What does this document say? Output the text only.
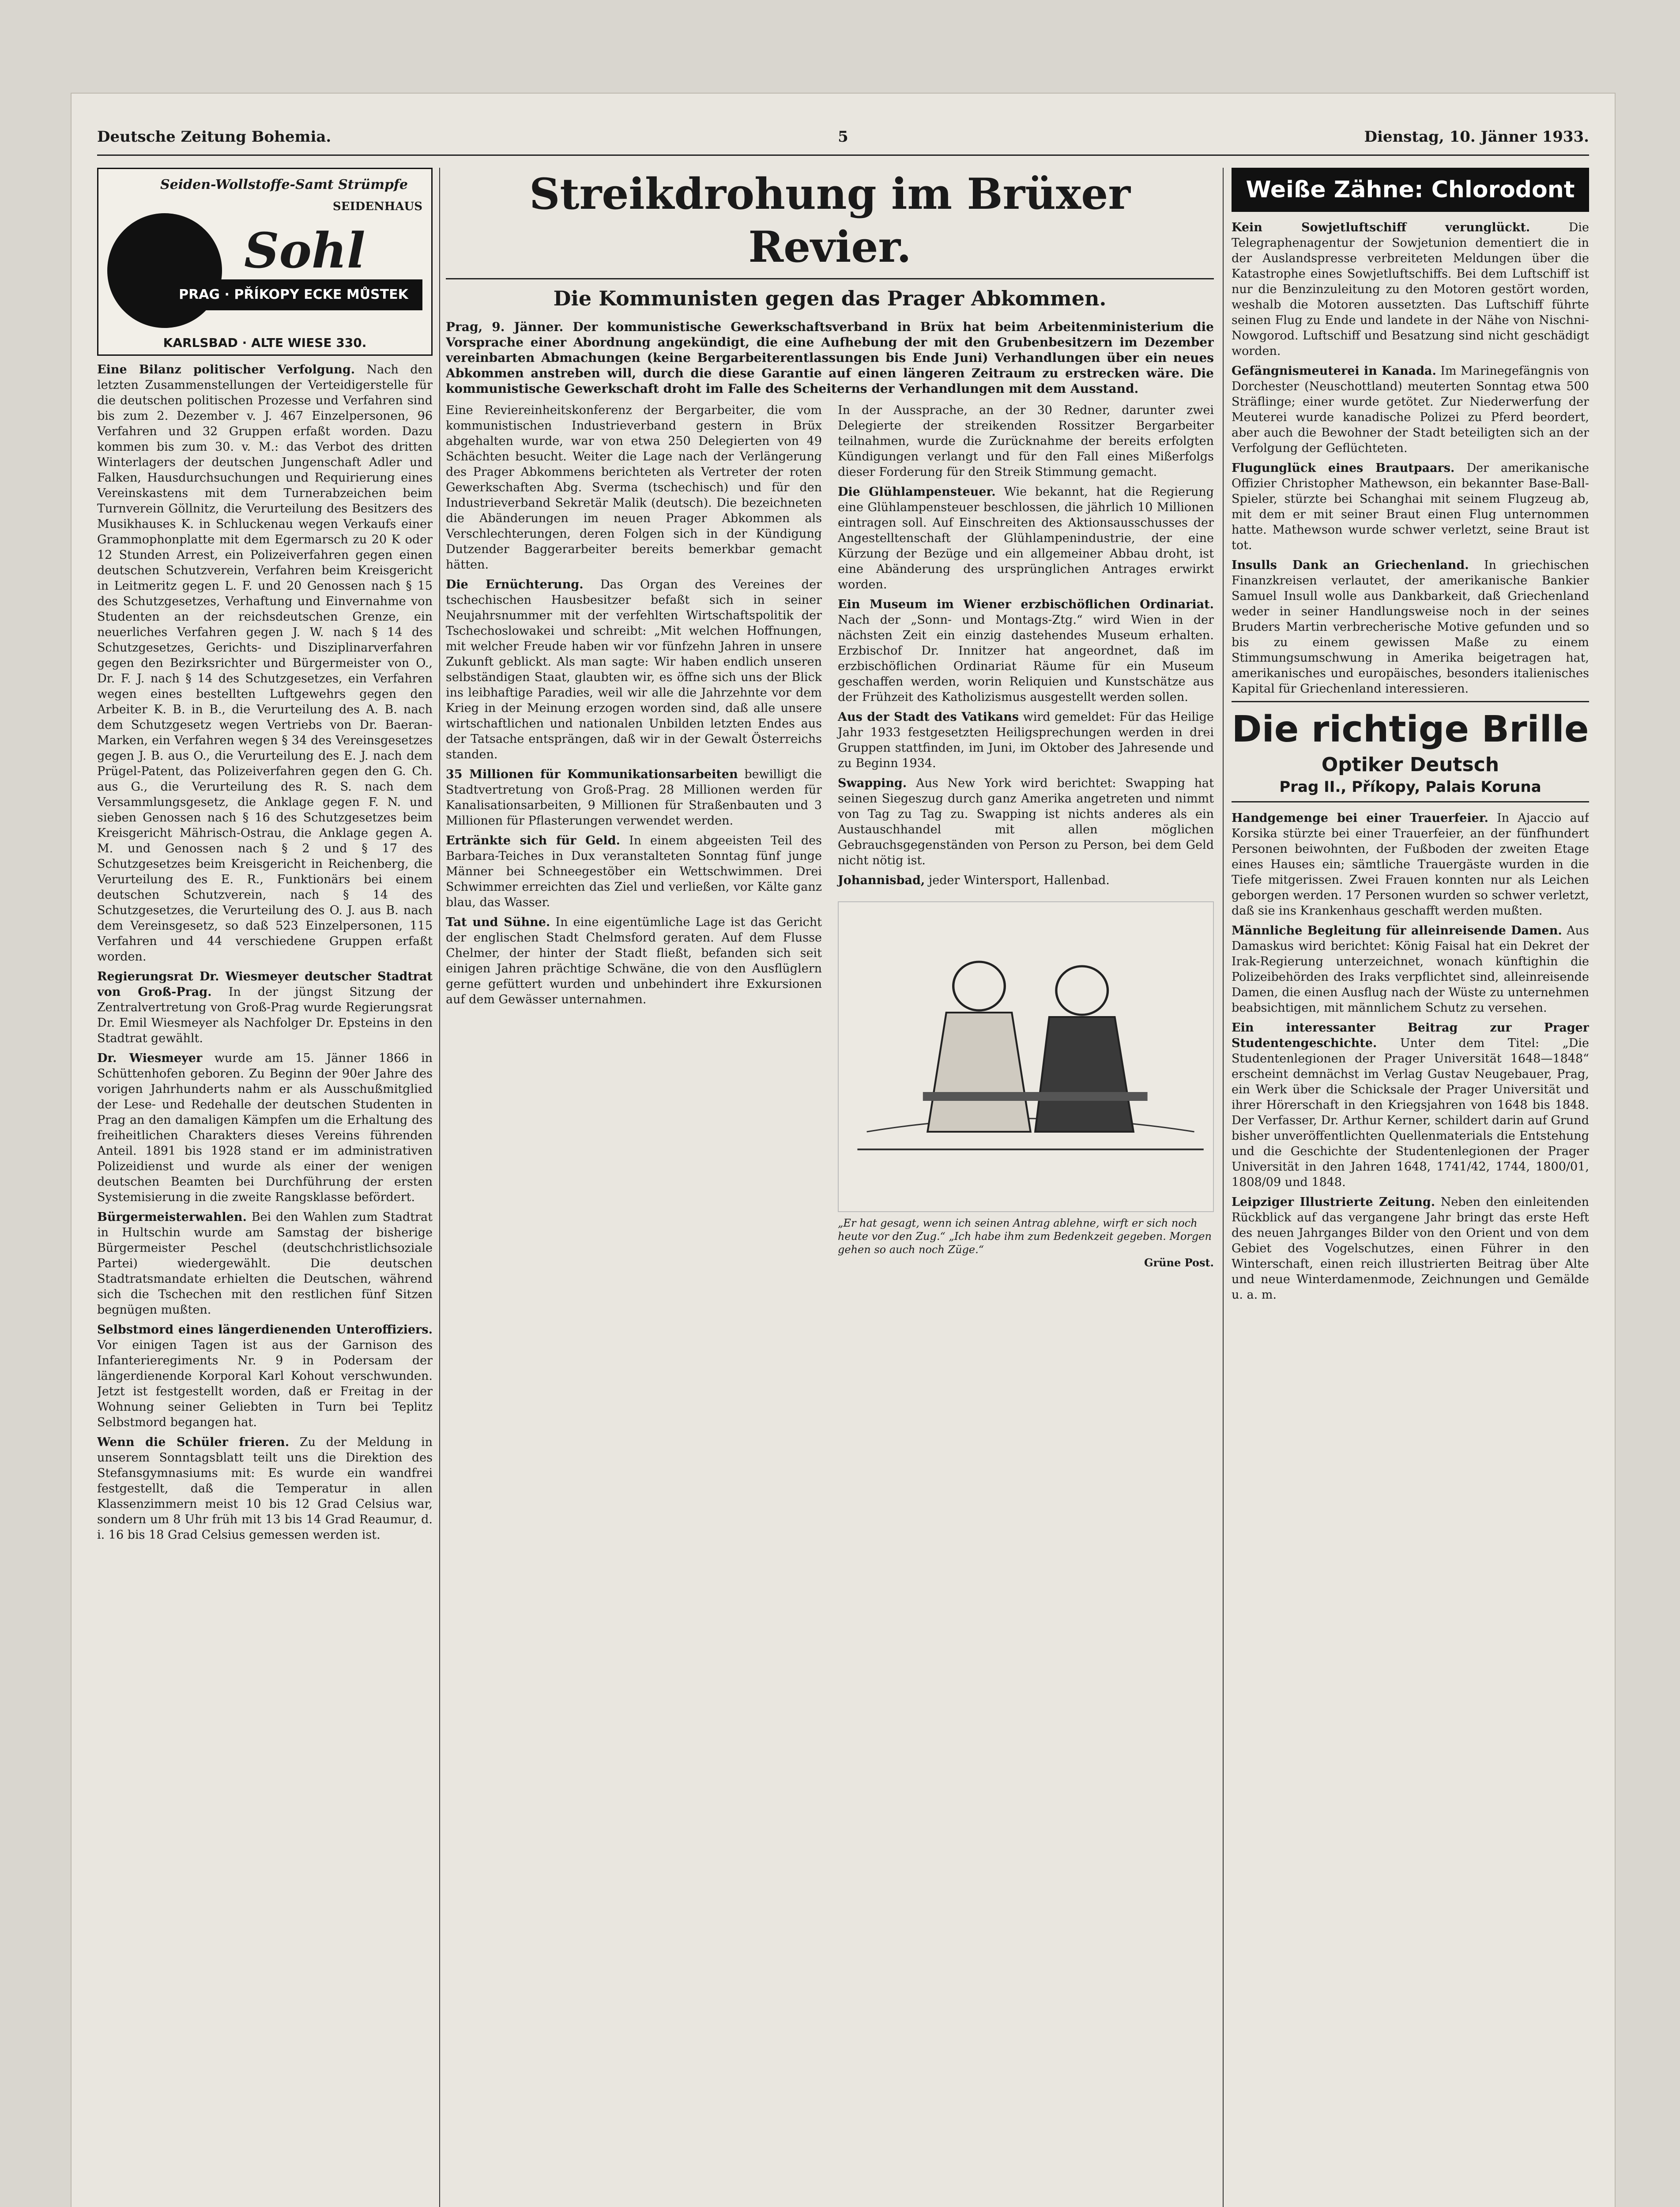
Deutsche Zeitung Bohemia.	5	Dienstag, 10. Jänner 1933.
Seiden-Wollstoffe-Samt Strümpfe
SEIDENHAUS
Sohl
PRAG · PŘÍKOPY ECKE MŮSTEK
KARLSBAD · ALTE WIESE 330.

Eine Bilanz politischer Verfolgung. Nach den letzten Zusammenstellungen der Verteidigerstelle für die deutschen politischen Prozesse und Verfahren sind bis zum 2. Dezember v. J. 467 Einzelpersonen, 96 Verfahren und 32 Gruppen erfaßt worden. Dazu kommen bis zum 30. v. M.: das Verbot des dritten Winterlagers der deutschen Jungenschaft Adler und Falken, Hausdurchsuchungen und Requirierung eines Vereinskastens mit dem Turnerabzeichen beim Turnverein Göllnitz, die Verurteilung des Besitzers des Musikhauses K. in Schluckenau wegen Verkaufs einer Grammophonplatte mit dem Egermarsch zu 20 K oder 12 Stunden Arrest, ein Polizeiverfahren gegen einen deutschen Schutzverein, Verfahren beim Kreisgericht in Leitmeritz gegen L. F. und 20 Genossen nach § 15 des Schutzgesetzes, Verhaftung und Einvernahme von Studenten an der reichsdeutschen Grenze, ein neuerliches Verfahren gegen J. W. nach § 14 des Schutzgesetzes, Gerichts- und Disziplinarverfahren gegen den Bezirksrichter und Bürgermeister von O., Dr. F. J. nach § 14 des Schutzgesetzes, ein Verfahren wegen eines bestellten Luftgewehrs gegen den Arbeiter K. B. in B., die Verurteilung des A. B. nach dem Schutzgesetz wegen Vertriebs von Dr. Baeran-Marken, ein Verfahren wegen § 34 des Vereinsgesetzes gegen J. B. aus O., die Verurteilung des E. J. nach dem Prügel-Patent, das Polizeiverfahren gegen den G. Ch. aus G., die Verurteilung des R. S. nach dem Versammlungsgesetz, die Anklage gegen F. N. und sieben Genossen nach § 16 des Schutzgesetzes beim Kreisgericht Mährisch-Ostrau, die Anklage gegen A. M. und Genossen nach § 2 und § 17 des Schutzgesetzes beim Kreisgericht in Reichenberg, die Verurteilung des E. R., Funktionärs bei einem deutschen Schutzverein, nach § 14 des Schutzgesetzes, die Verurteilung des O. J. aus B. nach dem Vereinsgesetz, so daß 523 Einzelpersonen, 115 Verfahren und 44 verschiedene Gruppen erfaßt worden.

Regierungsrat Dr. Wiesmeyer deutscher Stadtrat von Groß-Prag. In der jüngst Sitzung der Zentralvertretung von Groß-Prag wurde Regierungsrat Dr. Emil Wiesmeyer als Nachfolger Dr. Epsteins in den Stadtrat gewählt.

Dr. Wiesmeyer wurde am 15. Jänner 1866 in Schüttenhofen geboren. Zu Beginn der 90er Jahre des vorigen Jahrhunderts nahm er als Ausschußmitglied der Lese- und Redehalle der deutschen Studenten in Prag an den damaligen Kämpfen um die Erhaltung des freiheitlichen Charakters dieses Vereins führenden Anteil. 1891 bis 1928 stand er im administrativen Polizeidienst und wurde als einer der wenigen deutschen Beamten bei Durchführung der ersten Systemisierung in die zweite Rangsklasse befördert.

Bürgermeisterwahlen. Bei den Wahlen zum Stadtrat in Hultschin wurde am Samstag der bisherige Bürgermeister Peschel (deutschchristlichsoziale Partei) wiedergewählt. Die deutschen Stadtratsmandate erhielten die Deutschen, während sich die Tschechen mit den restlichen fünf Sitzen begnügen mußten.

Selbstmord eines längerdienenden Unteroffiziers. Vor einigen Tagen ist aus der Garnison des Infanterieregiments Nr. 9 in Podersam der längerdienende Korporal Karl Kohout verschwunden. Jetzt ist festgestellt worden, daß er Freitag in der Wohnung seiner Geliebten in Turn bei Teplitz Selbstmord begangen hat.

Wenn die Schüler frieren. Zu der Meldung in unserem Sonntagsblatt teilt uns die Direktion des Stefansgymnasiums mit: Es wurde ein wandfrei festgestellt, daß die Temperatur in allen Klassenzimmern meist 10 bis 12 Grad Celsius war, sondern um 8 Uhr früh mit 13 bis 14 Grad Reaumur, d. i. 16 bis 18 Grad Celsius gemessen werden ist.

Streikdrohung im Brüxer Revier.
Die Kommunisten gegen das Prager Abkommen.

Prag, 9. Jänner. Der kommunistische Gewerkschaftsverband in Brüx hat beim Arbeitenministerium die Vorsprache einer Abordnung angekündigt, die eine Aufhebung der mit den Grubenbesitzern im Dezember vereinbarten Abmachungen (keine Bergarbeiterentlassungen bis Ende Juni) Verhandlungen über ein neues Abkommen anstreben will, durch die diese Garantie auf einen längeren Zeitraum zu erstrecken wäre. Die kommunistische Gewerkschaft droht im Falle des Scheiterns der Verhandlungen mit dem Ausstand.

Eine Reviereinheitskonferenz der Bergarbeiter, die vom kommunistischen Industrieverband gestern in Brüx abgehalten wurde, war von etwa 250 Delegierten von 49 Schächten besucht. Weiter die Lage nach der Verlängerung des Prager Abkommens berichteten als Vertreter der roten Gewerkschaften Abg. Sverma (tschechisch) und für den Industrieverband Sekretär Malik (deutsch). Die bezeichneten die Abänderungen im neuen Prager Abkommen als Verschlechterungen, deren Folgen sich in der Kündigung Dutzender Baggerarbeiter bereits bemerkbar gemacht hätten.

Die Ernüchterung. Das Organ des Vereines der tschechischen Hausbesitzer befaßt sich in seiner Neujahrsnummer mit der verfehlten Wirtschaftspolitik der Tschechoslowakei und schreibt: „Mit welchen Hoffnungen, mit welcher Freude haben wir vor fünfzehn Jahren in unsere Zukunft geblickt. Als man sagte: Wir haben endlich unseren selbständigen Staat, glaubten wir, es öffne sich uns der Blick ins leibhaftige Paradies, weil wir alle die Jahrzehnte vor dem Krieg in der Meinung erzogen worden sind, daß alle unsere wirtschaftlichen und nationalen Unbilden letzten Endes aus der Tatsache entsprängen, daß wir in der Gewalt Österreichs standen.

35 Millionen für Kommunikationsarbeiten bewilligt die Stadtvertretung von Groß-Prag. 28 Millionen werden für Kanalisationsarbeiten, 9 Millionen für Straßenbauten und 3 Millionen für Pflasterungen verwendet werden.

Ertränkte sich für Geld. In einem abgeeisten Teil des Barbara-Teiches in Dux veranstalteten Sonntag fünf junge Männer bei Schneegestöber ein Wettschwimmen. Drei Schwimmer erreichten das Ziel und verließen, vor Kälte ganz blau, das Wasser.

Tat und Sühne. In eine eigentümliche Lage ist das Gericht der englischen Stadt Chelmsford geraten. Auf dem Flusse Chelmer, der hinter der Stadt fließt, befanden sich seit einigen Jahren prächtige Schwäne, die von den Ausflüglern gerne gefüttert wurden und unbehindert ihre Exkursionen auf dem Gewässer unternahmen.

In der Aussprache, an der 30 Redner, darunter zwei Delegierte der streikenden Rossitzer Bergarbeiter teilnahmen, wurde die Zurücknahme der bereits erfolgten Kündigungen verlangt und für den Fall eines Mißerfolgs dieser Forderung für den Streik Stimmung gemacht.

Die Glühlampensteuer. Wie bekannt, hat die Regierung eine Glühlampensteuer beschlossen, die jährlich 10 Millionen eintragen soll. Auf Einschreiten des Aktionsausschusses der Angestelltenschaft der Glühlampenindustrie, der eine Kürzung der Bezüge und ein allgemeiner Abbau droht, ist eine Abänderung des ursprünglichen Antrages erwirkt worden.

Ein Museum im Wiener erzbischöflichen Ordinariat. Nach der „Sonn- und Montags-Ztg.“ wird Wien in der nächsten Zeit ein einzig dastehendes Museum erhalten. Erzbischof Dr. Innitzer hat angeordnet, daß im erzbischöflichen Ordinariat Räume für ein Museum geschaffen werden, worin Reliquien und Kunstschätze aus der Frühzeit des Katholizismus ausgestellt werden sollen.

Aus der Stadt des Vatikans wird gemeldet: Für das Heilige Jahr 1933 festgesetzten Heiligsprechungen werden in drei Gruppen stattfinden, im Juni, im Oktober des Jahresende und zu Beginn 1934.

Swapping. Aus New York wird berichtet: Swapping hat seinen Siegeszug durch ganz Amerika angetreten und nimmt von Tag zu Tag zu. Swapping ist nichts anderes als ein Austauschhandel mit allen möglichen Gebrauchsgegenständen von Person zu Person, bei dem Geld nicht nötig ist.

Johannisbad, jeder Wintersport, Hallenbad.

„Er hat gesagt, wenn ich seinen Antrag ablehne, wirft er sich noch heute vor den Zug.“ „Ich habe ihm zum Bedenkzeit gegeben. Morgen gehen so auch noch Züge.“
Grüne Post.
Weiße Zähne: Chlorodont

Kein Sowjetluftschiff verunglückt.	Die Telegraphenagentur der Sowjetunion dementiert die in der Auslandspresse verbreiteten Meldungen über die Katastrophe eines Sowjetluftschiffs. Bei dem Luftschiff ist nur die Benzinzuleitung zu den Motoren gestört worden, weshalb die Motoren aussetzten. Das Luftschiff führte seinen Flug zu Ende und landete in der Nähe von Nischni-Nowgorod. Luftschiff und Besatzung sind nicht geschädigt worden.

Gefängnismeuterei in Kanada. Im Marinegefängnis von Dorchester (Neuschottland) meuterten Sonntag etwa 500 Sträflinge; einer wurde getötet. Zur Niederwerfung der Meuterei wurde kanadische Polizei zu Pferd beordert, aber auch die Bewohner der Stadt beteiligten sich an der Verfolgung der Geflüchteten.

Flugunglück eines Brautpaars. Der amerikanische Offizier Christopher Mathewson, ein bekannter Base-Ball-Spieler, stürzte bei Schanghai mit seinem Flugzeug ab, mit dem er mit seiner Braut einen Flug unternommen hatte. Mathewson wurde schwer verletzt, seine Braut ist tot.

Insulls Dank an Griechenland. In griechischen Finanzkreisen verlautet, der amerikanische Bankier Samuel Insull wolle aus Dankbarkeit, daß Griechenland weder in seiner Handlungsweise noch in der seines Bruders Martin verbrecherische Motive gefunden und so bis zu einem gewissen Maße zu einem Stimmungsumschwung in Amerika beigetragen hat, amerikanisches und europäisches, besonders italienisches Kapital für Griechenland interessieren.

Die richtige Brille
Optiker Deutsch
Prag II., Příkopy, Palais Koruna

Handgemenge bei einer Trauerfeier. In Ajaccio auf Korsika stürzte bei einer Trauerfeier, an der fünfhundert Personen beiwohnten, der Fußboden der zweiten Etage eines Hauses ein; sämtliche Trauergäste wurden in die Tiefe mitgerissen. Zwei Frauen konnten nur als Leichen geborgen werden. 17 Personen wurden so schwer verletzt, daß sie ins Krankenhaus geschafft werden mußten.

Männliche Begleitung für alleinreisende Damen. Aus Damaskus wird berichtet: König Faisal hat ein Dekret der Irak-Regierung unterzeichnet, wonach künftighin die Polizeibehörden des Iraks verpflichtet sind, alleinreisende Damen, die einen Ausflug nach der Wüste zu unternehmen beabsichtigen, mit männlichem Schutz zu versehen.

Ein interessanter Beitrag zur Prager Studentengeschichte. Unter dem Titel: „Die Studentenlegionen der Prager Universität 1648—1848“ erscheint demnächst im Verlag Gustav Neugebauer, Prag, ein Werk über die Schicksale der Prager Universität und ihrer Hörerschaft in den Kriegsjahren von 1648 bis 1848. Der Verfasser, Dr. Arthur Kerner, schildert darin auf Grund bisher unveröffentlichten Quellenmaterials die Entstehung und die Geschichte der Studentenlegionen der Prager Universität in den Jahren 1648, 1741/42, 1744, 1800/01, 1808/09 und 1848.

Leipziger Illustrierte Zeitung. Neben den einleitenden Rückblick auf das vergangene Jahr bringt das erste Heft des neuen Jahrganges Bilder von den Orient und von dem Gebiet des Vogelschutzes, einen Führer in den Winterschaft, einen reich illustrierten Beitrag über Alte und neue Winterdamenmode, Zeichnungen und Gemälde u. a. m.
